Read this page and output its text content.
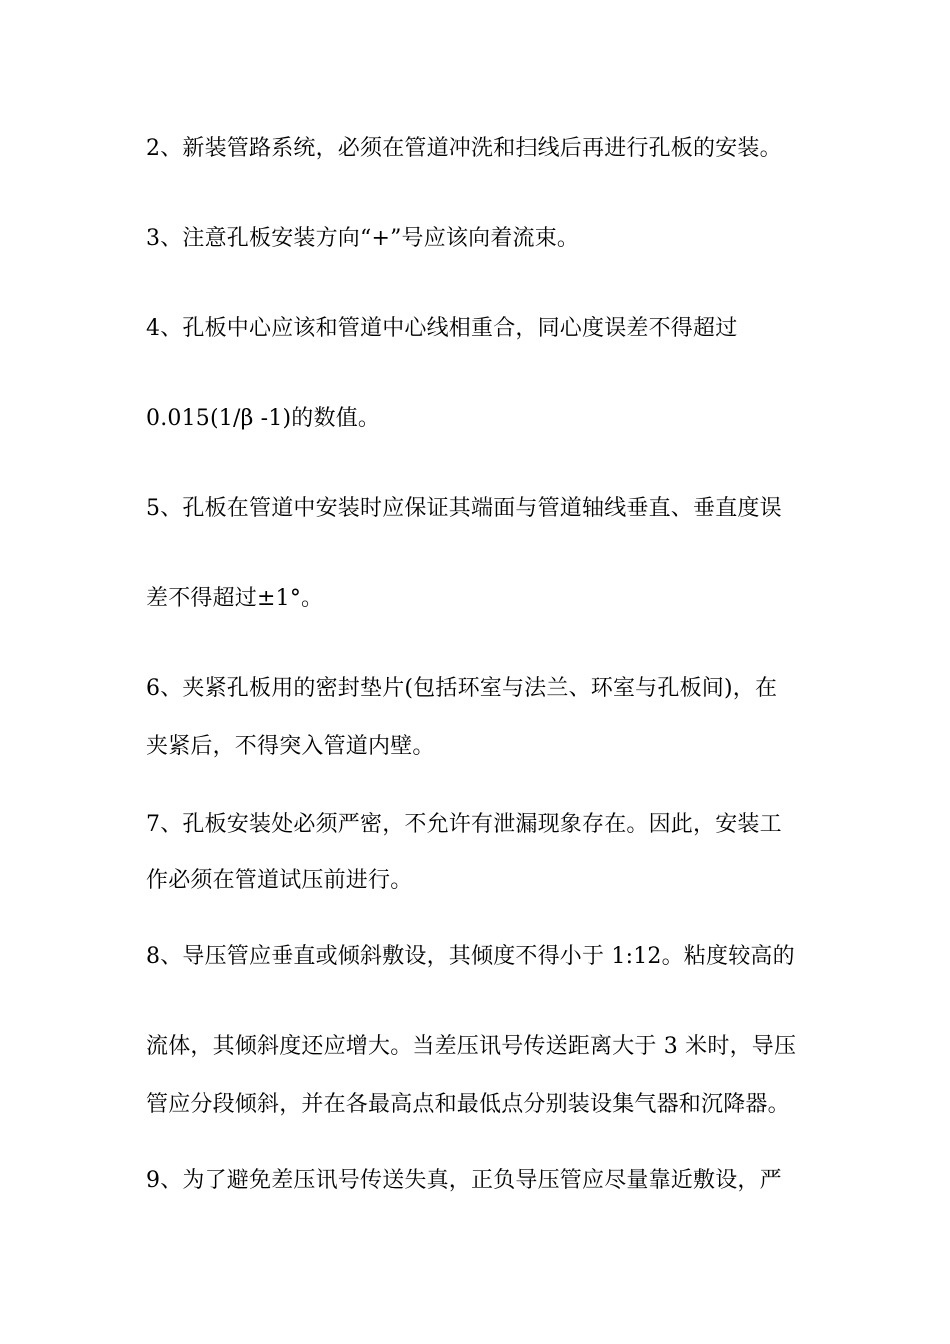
2、新装管路系统，必须在管道冲洗和扫线后再进行孔板的安装。
3、注意孔板安装方向“+”号应该向着流束。
4、孔板中心应该和管道中心线相重合，同心度误差不得超过
0.015(1/β -1)的数值。
5、孔板在管道中安装时应保证其端面与管道轴线垂直、垂直度误
差不得超过±1°。
6、夹紧孔板用的密封垫片(包括环室与法兰、环室与孔板间)，在
夹紧后，不得突入管道内壁。
7、孔板安装处必须严密，不允许有泄漏现象存在。因此，安装工
作必须在管道试压前进行。
8、导压管应垂直或倾斜敷设，其倾度不得小于 1:12。粘度较高的
流体，其倾斜度还应增大。当差压讯号传送距离大于 3 米时，导压
管应分段倾斜，并在各最高点和最低点分别装设集气器和沉降器。
9、为了避免差压讯号传送失真，正负导压管应尽量靠近敷设，严
